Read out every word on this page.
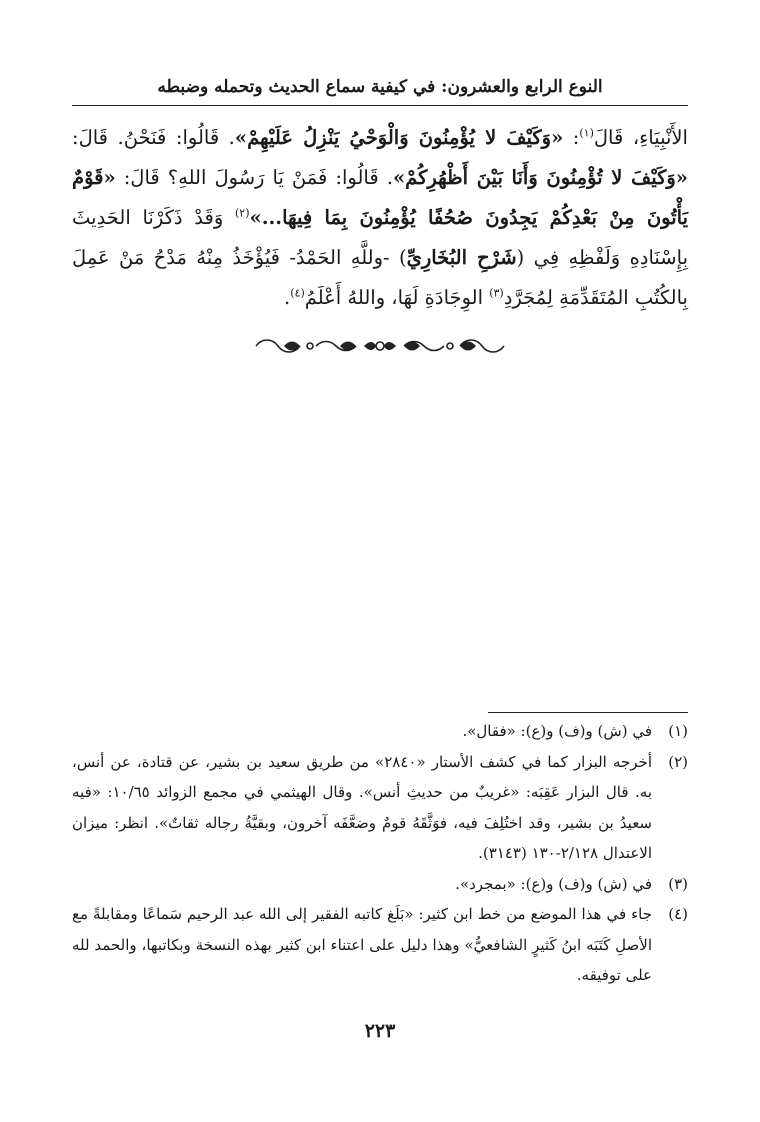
النوع الرابع والعشرون: في كيفية سماع الحديث وتحمله وضبطه

الأَنْبِيَاءِ، قَالَ$^{(١)}$: «وَكَيْفَ لا يُؤْمِنُونَ وَالْوَحْيُ يَنْزِلُ عَلَيْهِمْ». قَالُوا: فَنَحْنُ. قَالَ: «وَكَيْفَ لا تُؤْمِنُونَ وَأَنَا بَيْنَ أَظْهُرِكُمْ». قَالُوا: فَمَنْ يَا رَسُولَ اللهِ؟ قَالَ: «قَوْمٌ يَأْتُونَ مِنْ بَعْدِكُمْ يَجِدُونَ صُحُفًا يُؤْمِنُونَ بِمَا فِيهَا...»$^{(٢)}$ وَقَدْ ذَكَرْنَا الحَدِيثَ بِإِسْنَادِهِ وَلَفْظِهِ فِي (شَرْحِ البُخَارِيِّ) -وللَّهِ الحَمْدُ- فَيُؤْخَذُ مِنْهُ مَدْحُ مَنْ عَمِلَ بِالكُتُبِ المُتَقَدِّمَةِ لِمُجَرَّدِ$^{(٣)}$ الوِجَادَةِ لَهَا، واللهُ أَعْلَمُ$^{(٤)}$.

(١)
في (ش) و(ف) و(ع): «فقال».
(٢)
أخرجه البزار كما في كشف الأستار «٢٨٤٠» من طريق سعيد بن بشير، عن قتادة، عن أنس، به. قال البزار عَقِبَه: «غريبٌ من حديثِ أنس». وقال الهيثمي في مجمع الزوائد ١٠/٦٥: «فيه سعيدُ بن بشير، وقد اختُلِفَ فيه، فوَثَّقَهُ قومٌ وضعَّفَه آخرون، وبقيَّةُ رجاله ثقاتٌ». انظر: ميزان الاعتدال ٢/١٢٨-١٣٠ (٣١٤٣).
(٣)
في (ش) و(ف) و(ع): «بمجرد».
(٤)
جاء في هذا الموضع من خط ابن كثير: «بَلَغ كاتبه الفقير إلى الله عبد الرحيم سَماعًا ومقابلةً مع الأصلِ كَتَبَه ابنُ كَثيرٍ الشافعيُّ» وهذا دليل على اعتناء ابن كثير بهذه النسخة وبكاتبها، والحمد لله على توفيقه.
٢٢٣
